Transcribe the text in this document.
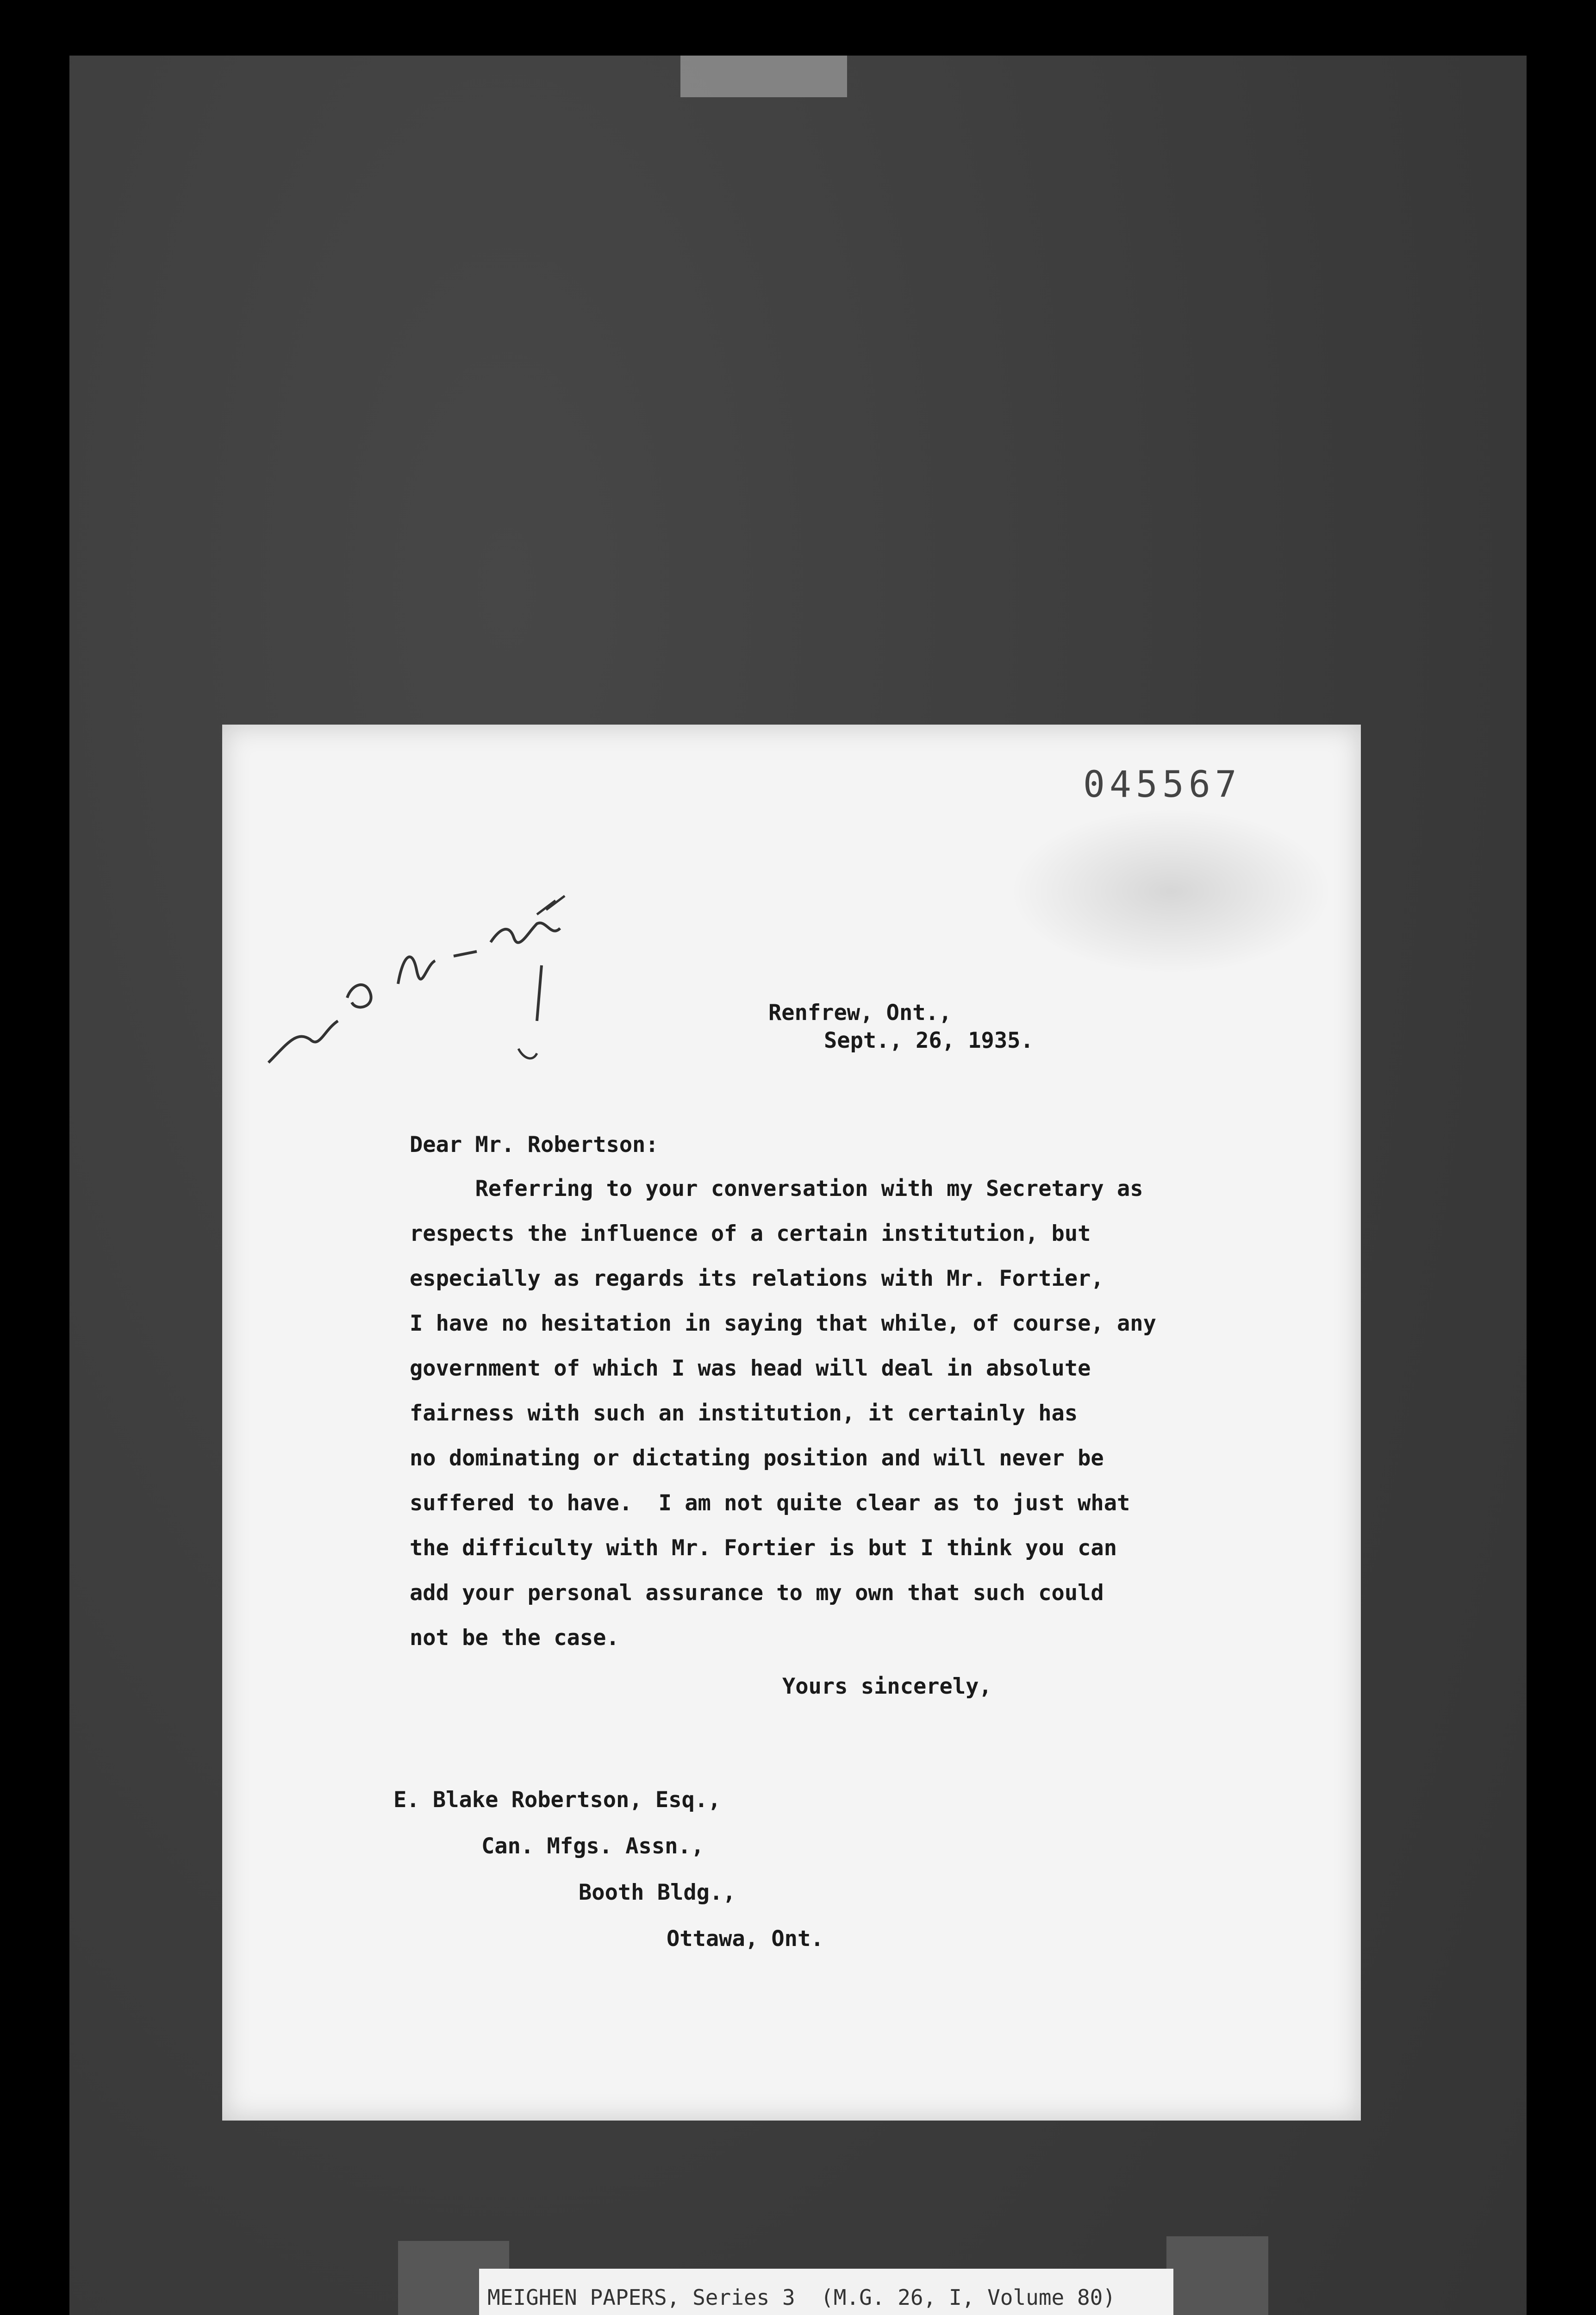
045567
Renfrew, Ont.,
Sept., 26, 1935.
Dear Mr. Robertson:
Referring to your conversation with my Secretary as
respects the influence of a certain institution, but
especially as regards its relations with Mr. Fortier,
I have no hesitation in saying that while, of course, any
government of which I was head will deal in absolute
fairness with such an institution, it certainly has
no dominating or dictating position and will never be
suffered to have.  I am not quite clear as to just what
the difficulty with Mr. Fortier is but I think you can
add your personal assurance to my own that such could
not be the case.
Yours sincerely,
E. Blake Robertson, Esq.,
Can. Mfgs. Assn.,
Booth Bldg.,
Ottawa, Ont.
MEIGHEN PAPERS, Series 3  (M.G. 26, I, Volume 80)
